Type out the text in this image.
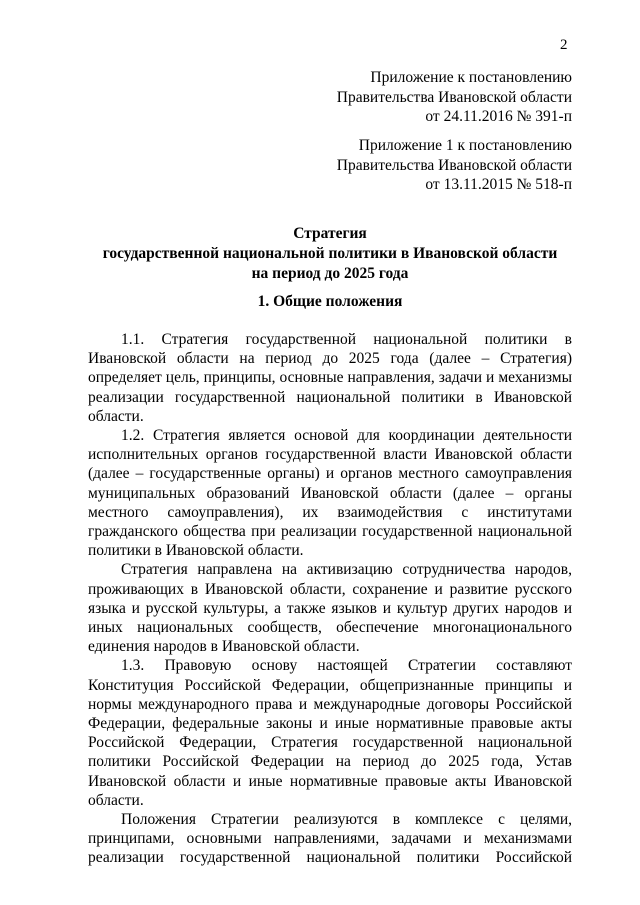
2
Приложение к постановлению
Правительства Ивановской области
от 24.11.2016 № 391-п
Приложение 1 к постановлению
Правительства Ивановской области
от 13.11.2015 № 518-п
Стратегия
государственной национальной политики в Ивановской области
на период до 2025 года
1. Общие положения

1.1. Стратегия государственной национальной политики в Ивановской области на период до 2025 года (далее – Стратегия) определяет цель, принципы, основные направления, задачи и механизмы реализации государственной национальной политики в Ивановской области.

1.2. Стратегия является основой для координации деятельности исполнительных органов государственной власти Ивановской области (далее – государственные органы) и органов местного самоуправления муниципальных образований Ивановской области (далее – органы местного самоуправления), их взаимодействия с институтами гражданского общества при реализации государственной национальной политики в Ивановской области.

Стратегия направлена на активизацию сотрудничества народов, проживающих в Ивановской области, сохранение и развитие русского языка и русской культуры, а также языков и культур других народов и иных национальных сообществ, обеспечение многонационального единения народов в Ивановской области.

1.3. Правовую основу настоящей Стратегии составляют Конституция Российской Федерации, общепризнанные принципы и нормы международного права и международные договоры Российской Федерации, федеральные законы и иные нормативные правовые акты Российской Федерации, Стратегия государственной национальной политики Российской Федерации на период до 2025 года, Устав Ивановской области и иные нормативные правовые акты Ивановской области.

Положения Стратегии реализуются в комплексе с целями, принципами, основными направлениями, задачами и механизмами реализации государственной национальной политики Российской
